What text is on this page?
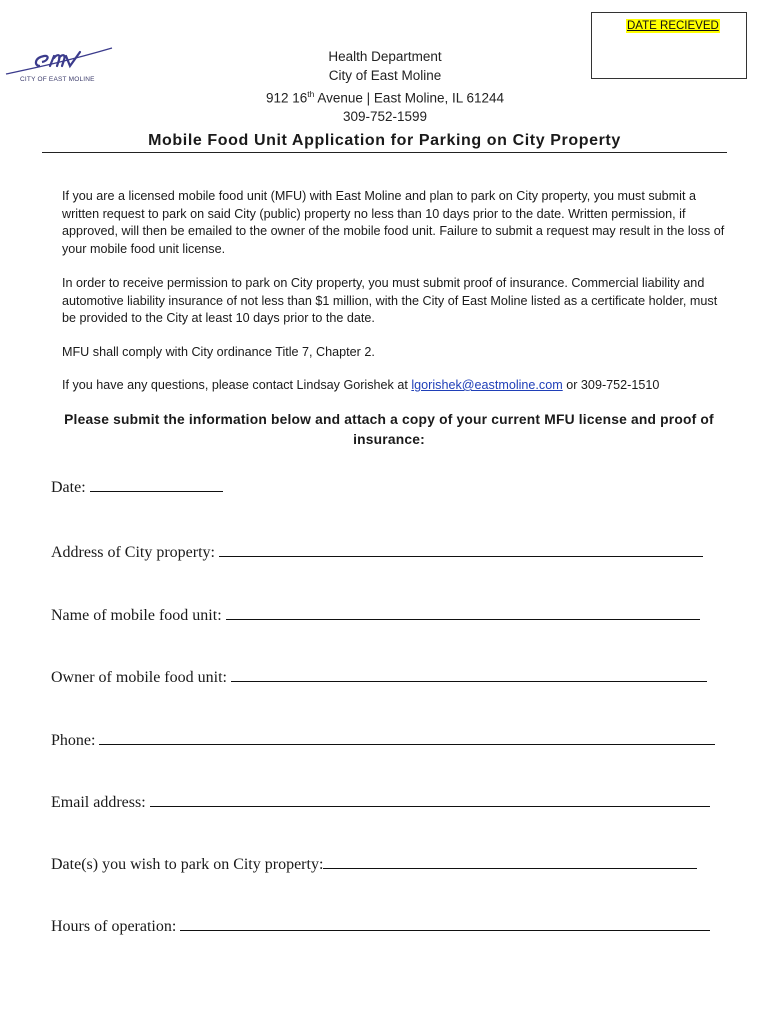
CITY OF EAST MOLINE
DATE RECIEVED
Health Department
City of East Moline
912 16th Avenue | East Moline, IL 61244
309-752-1599
Mobile Food Unit Application for Parking on City Property
If you are a licensed mobile food unit (MFU) with East Moline and plan to park on City property, you must submit a written request to park on said City (public) property no less than 10 days prior to the date. Written permission, if approved, will then be emailed to the owner of the mobile food unit. Failure to submit a request may result in the loss of your mobile food unit license.
In order to receive permission to park on City property, you must submit proof of insurance. Commercial liability and automotive liability insurance of not less than $1 million, with the City of East Moline listed as a certificate holder, must be provided to the City at least 10 days prior to the date.
MFU shall comply with City ordinance Title 7, Chapter 2.
If you have any questions, please contact Lindsay Gorishek at lgorishek@eastmoline.com or 309-752-1510
Please submit the information below and attach a copy of your current MFU license and proof of insurance:
Date:
Address of City property:
Name of mobile food unit:
Owner of mobile food unit:
Phone:
Email address:
Date(s) you wish to park on City property:
Hours of operation:
